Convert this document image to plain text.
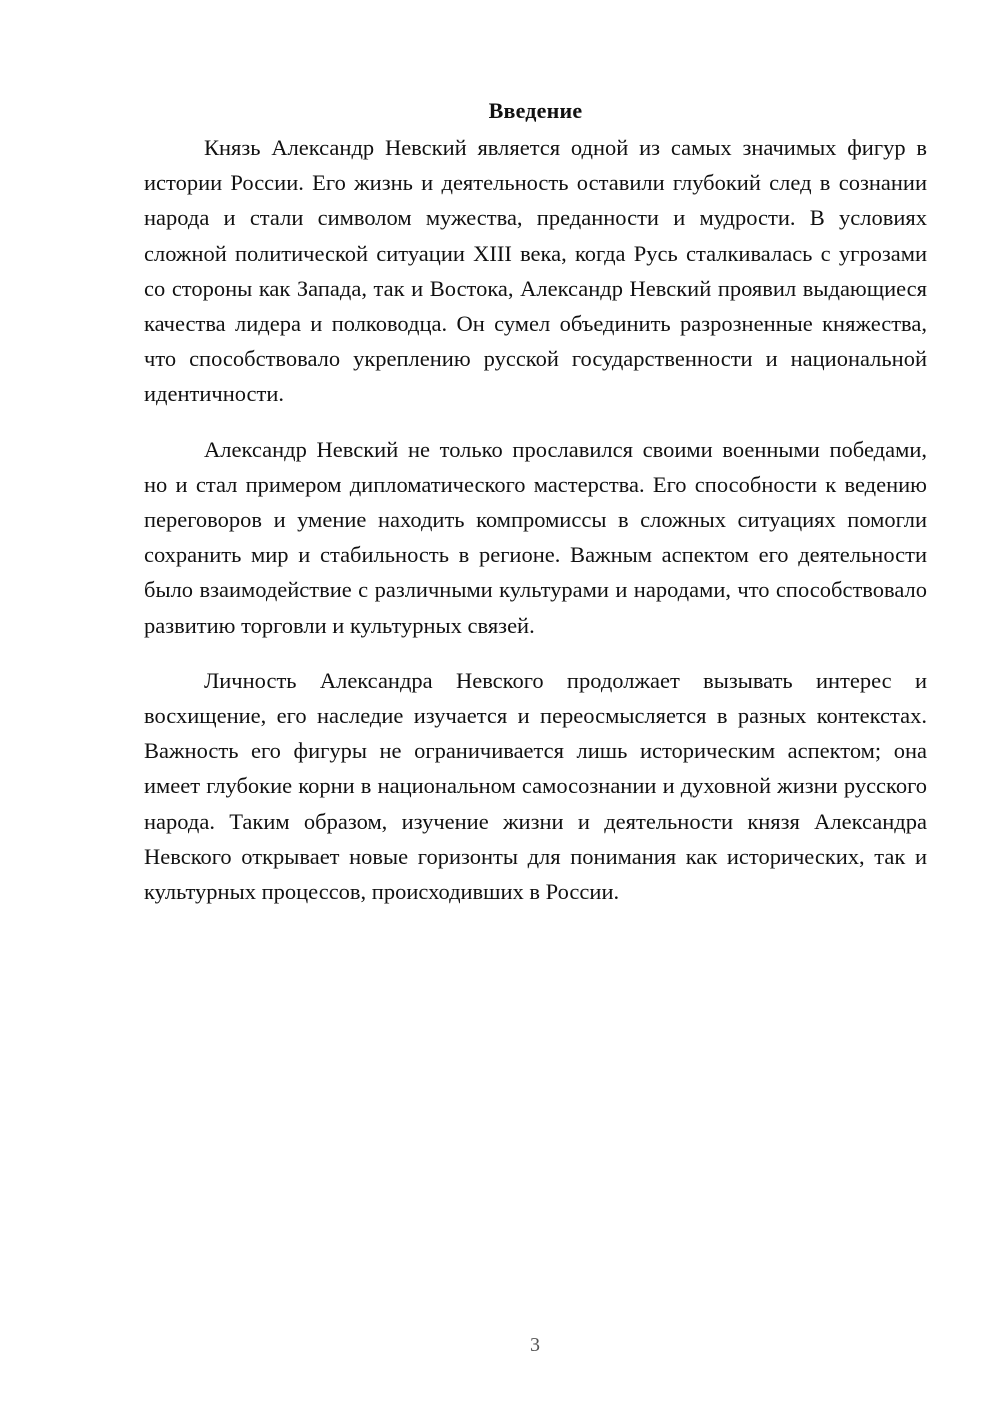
Введение

Князь Александр Невский является одной из самых значимых фигур в истории России. Его жизнь и деятельность оставили глубокий след в сознании народа и стали символом мужества, преданности и мудрости. В условиях сложной политической ситуации XIII века, когда Русь сталкивалась с угрозами со стороны как Запада, так и Востока, Александр Невский проявил выдающиеся качества лидера и полководца. Он сумел объединить разрозненные княжества, что способствовало укреплению русской государственности и национальной идентичности.

Александр Невский не только прославился своими военными победами, но и стал примером дипломатического мастерства. Его способности к ведению переговоров и умение находить компромиссы в сложных ситуациях помогли сохранить мир и стабильность в регионе. Важным аспектом его деятельности было взаимодействие с различными культурами и народами, что способствовало развитию торговли и культурных связей.

Личность Александра Невского продолжает вызывать интерес и восхищение, его наследие изучается и переосмысляется в разных контекстах. Важность его фигуры не ограничивается лишь историческим аспектом; она имеет глубокие корни в национальном самосознании и духовной жизни русского народа. Таким образом, изучение жизни и деятельности князя Александра Невского открывает новые горизонты для понимания как исторических, так и культурных процессов, происходивших в России.

3
